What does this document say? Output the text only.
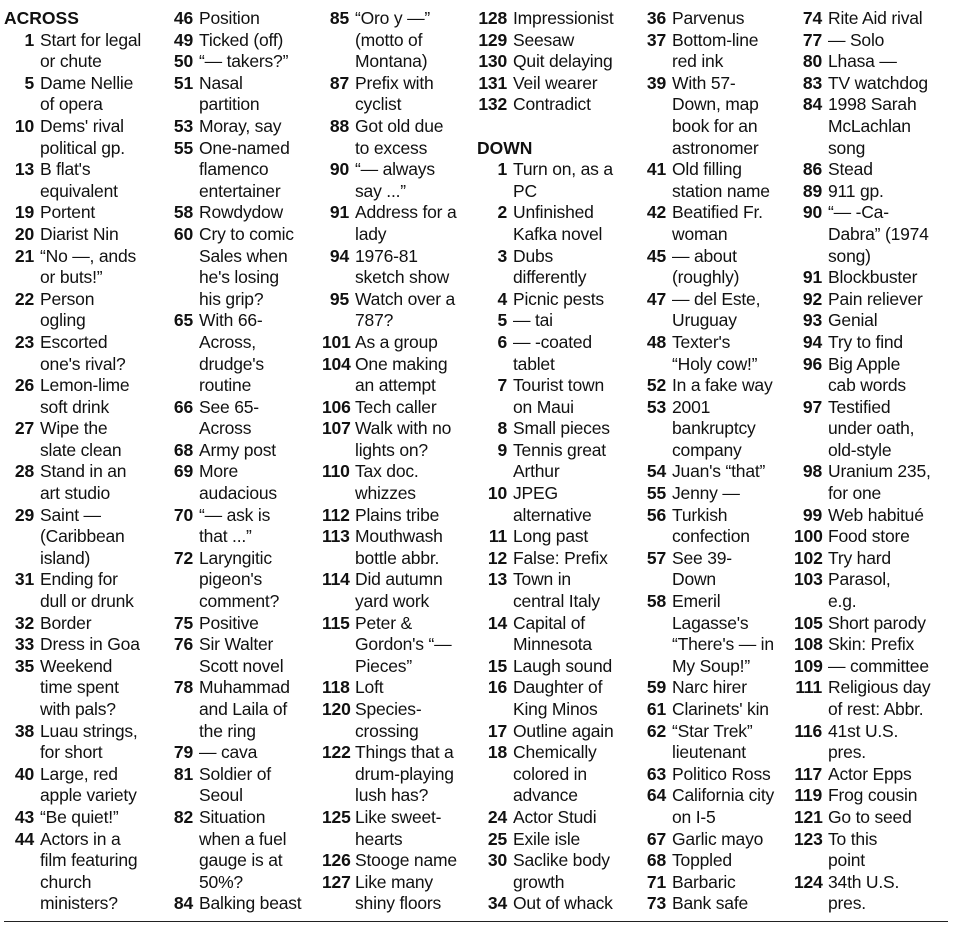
ACROSS
1 Start for legal
or chute
5 Dame Nellie
of opera
10 Dems' rival
political gp.
13 B flat's
equivalent
19 Portent
20 Diarist Nin
21 “No —, ands
or buts!”
22 Person
ogling
23 Escorted
one's rival?
26 Lemon-lime
soft drink
27 Wipe the
slate clean
28 Stand in an
art studio
29 Saint —
(Caribbean
island)
31 Ending for
dull or drunk
32 Border
33 Dress in Goa
35 Weekend
time spent
with pals?
38 Luau strings,
for short
40 Large, red
apple variety
43 “Be quiet!”
44 Actors in a
film featuring
church
ministers?
46 Position
49 Ticked (off)
50 “— takers?”
51 Nasal
partition
53 Moray, say
55 One-named
flamenco
entertainer
58 Rowdydow
60 Cry to comic
Sales when
he's losing
his grip?
65 With 66-
Across,
drudge's
routine
66 See 65-
Across
68 Army post
69 More
audacious
70 “— ask is
that ...”
72 Laryngitic
pigeon's
comment?
75 Positive
76 Sir Walter
Scott novel
78 Muhammad
and Laila of
the ring
79 — cava
81 Soldier of
Seoul
82 Situation
when a fuel
gauge is at
50%?
84 Balking beast
85 “Oro y —”
(motto of
Montana)
87 Prefix with
cyclist
88 Got old due
to excess
90 “— always
say ...”
91 Address for a
lady
94 1976-81
sketch show
95 Watch over a
787?
101 As a group
104 One making
an attempt
106 Tech caller
107 Walk with no
lights on?
110 Tax doc.
whizzes
112 Plains tribe
113 Mouthwash
bottle abbr.
114 Did autumn
yard work
115 Peter &
Gordon's “—
Pieces”
118 Loft
120 Species-
crossing
122 Things that a
drum-playing
lush has?
125 Like sweet-
hearts
126 Stooge name
127 Like many
shiny floors
128 Impressionist
129 Seesaw
130 Quit delaying
131 Veil wearer
132 Contradict
DOWN
1 Turn on, as a
PC
2 Unfinished
Kafka novel
3 Dubs
differently
4 Picnic pests
5 — tai
6 — -coated
tablet
7 Tourist town
on Maui
8 Small pieces
9 Tennis great
Arthur
10 JPEG
alternative
11 Long past
12 False: Prefix
13 Town in
central Italy
14 Capital of
Minnesota
15 Laugh sound
16 Daughter of
King Minos
17 Outline again
18 Chemically
colored in
advance
24 Actor Studi
25 Exile isle
30 Saclike body
growth
34 Out of whack
36 Parvenus
37 Bottom-line
red ink
39 With 57-
Down, map
book for an
astronomer
41 Old filling
station name
42 Beatified Fr.
woman
45 — about
(roughly)
47 — del Este,
Uruguay
48 Texter's
“Holy cow!”
52 In a fake way
53 2001
bankruptcy
company
54 Juan's “that”
55 Jenny —
56 Turkish
confection
57 See 39-
Down
58 Emeril
Lagasse's
“There's — in
My Soup!”
59 Narc hirer
61 Clarinets' kin
62 “Star Trek”
lieutenant
63 Politico Ross
64 California city
on I-5
67 Garlic mayo
68 Toppled
71 Barbaric
73 Bank safe
74 Rite Aid rival
77 — Solo
80 Lhasa —
83 TV watchdog
84 1998 Sarah
McLachlan
song
86 Stead
89 911 gp.
90 “— -Ca-
Dabra” (1974
song)
91 Blockbuster
92 Pain reliever
93 Genial
94 Try to find
96 Big Apple
cab words
97 Testified
under oath,
old-style
98 Uranium 235,
for one
99 Web habitué
100 Food store
102 Try hard
103 Parasol,
e.g.
105 Short parody
108 Skin: Prefix
109 — committee
111 Religious day
of rest: Abbr.
116 41st U.S.
pres.
117 Actor Epps
119 Frog cousin
121 Go to seed
123 To this
point
124 34th U.S.
pres.
